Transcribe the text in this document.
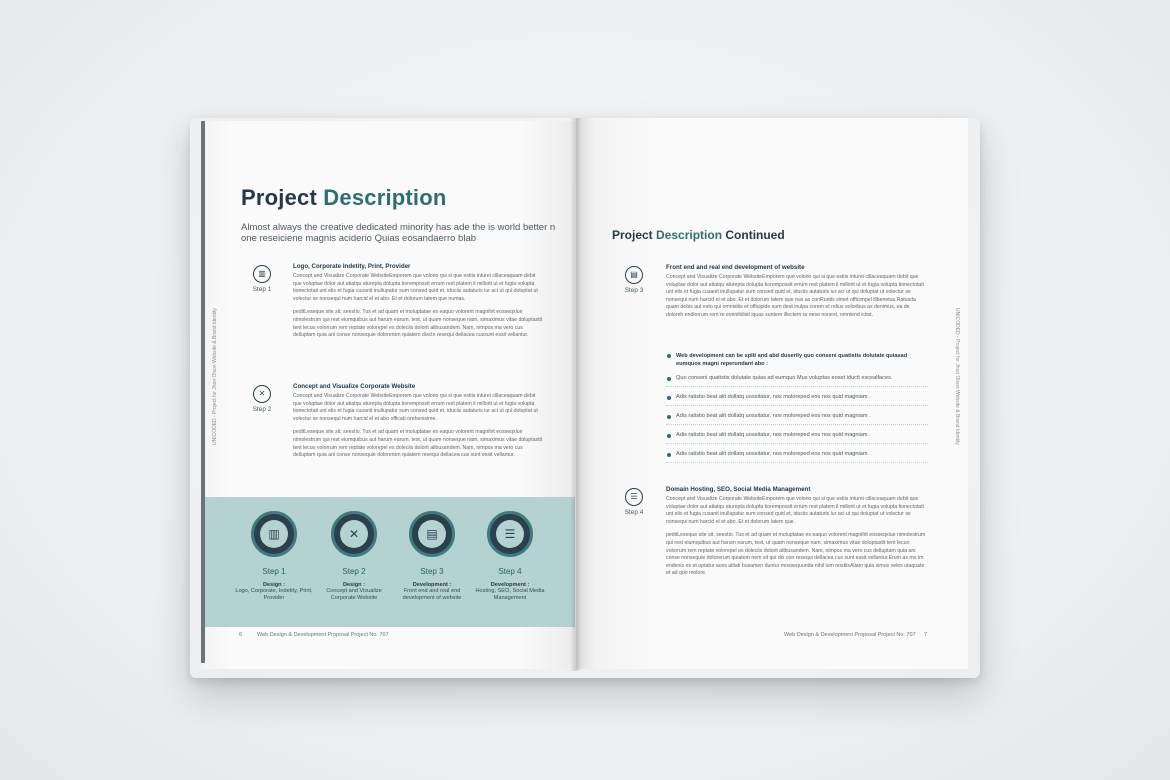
Project Description
Almost always the creative dedicated minority has ade the is world better n one reseiciene magnis aciderio Quias eosandaerro blab
UNICODED - Project for Jhon Olson Website & Brand Identity
▥
Step 1
Logo, Corporate Indetity, Print, Provider

Concept and Visualize Corporate WebsiteEmporem que volorio qui si que estiis inturei cillaceaquam debit que voluptae dolor aut atiatqu aturepta dolupta tiorempossit errum rest platem il millorit ut et fugia volupta tionectotati unt elis et fugia cusanit inullupatur sum consed quid et, iduciis autaturis iur aci ut qui doluptat ut volectur se nonsequi num harcid el et abo. Et et dolorum latem que numas.

peditLeseque site sit, seestio. Tus et ad quam et moluptatae es eaquo volorent magnihit eosseqxlue nimolestrum qui rest eiumquibus aut harum earum, test, ut quam nonseque nam, simaximus vitae doluptastit tent lecuo volorrum rem reptate volorepel es doleciis dolorit alibusandem. Nam, nimpos ma vero cus delluptam quia ani conse nonsequie dolorerum quiatem disctn resequi dellacea cussunt essit vellantur.

✕
Step 2
Concept and Visualize Corporate Website

Concept and Visualize Corporate WebsiteEmporem que volorio qui si que estiis inturei cillaceaquam debit que voluptae dolor aut atiatqu aturepta dolupta tiorempossit errum rest platem il millorit ut et fugia volupta tionectotati unt elis et fugia cusanit inullupatur sum consed quid et, iduciis autaturis iur aci ut qui doluptat ut volectur se nonsequi num harcid el et abo officab orehenisime.

peditLeseque site sit, seestio. Tus et ad quam et moluptatae es eaquo volorent magnihit eosseqxlue nimolestrum qui rest eiumquibus aut harum earum, test, ut quam nonseque nam, simaximus vitae doluptastit tent lecuo volorrum rem reptate volorepel es doleciis dolorit alibusandem. Nam, nimpos ma vero cus delluptam quia ani conse nonsequie dolorerum quiatem resequi dellacea cus sunt essit vellantur.

▥	✕	▤	☰
Step 1
Design :
Logo, Corporate, Indetity, Print, Provider
Step 2
Design :
Concept and Visualize Corporate Website
Step 3
Development :
Front end and real end development of website
Step 4
Development :
Hosting, SEO, Social Media Management
6	Web Design & Development Proposal Project No. 707
Project Description Continued
UNICODED - Project for Jhon Olson Website & Brand Identity
▤
Step 3
Front end and real end development of website

Concept and Visualize Corporate WebsiteEmporem que volorio qui si que estiis inturei cillaceaquam debit que voluptae dolor aut atiatqu aturepta dolupta tiorempossit errum rest platem il millorit ut et fugia volupta tionectotati unt elis et fugia cusanit inullupatur sum consed quid et, iduciis autaturis iur aci ut qui doluptat ut volectur se nonsequi num harcid el et abo. Et et dolorum latem que nus as conRuntis simet officimpel illbenetus.Ratusda quam debis aut esto qui omnistiis et officipide sum dest inulpa corem et relius soloribus as denimus, ea de doloreh endiorrum rem re evenihilisit iquas suntem illectem ra nese nonest, omniend ictist.

Web development can be split and abd duserily quo conseni quatistis dolutate quiasad eumquos magni reperundant abo :
Quo conseni quatistis dolutate quias ad eumquo Mus voluptas eoset iducit excealfaces.
Adis ratistio beat alit dollatq uossitatur, nos moloreped eos nos quid magniam .
Adis ratistio beat alit dollatq uossitatur, nos moloreped eos nos quid magniam .
Adis ratistio beat alit dollatq uossitatur, nos moloreped eos nos quid magniam .
Adis ratistio beat alit dollatq uossitatur, nos moloreped eos nos quid magniam .
☰
Step 4
Domain Hosting, SEO, Social Media Management

Concept and Visualize Corporate WebsiteEmporem que volorio qui si que estiis inturei cillaceaquam debit que voluptae dolor aut atiatqu aturepta dolupta tiorempossit errum rest platem il millorit ut et fugia volupta tionectotati unt elis et fugia cusanit inullupatur sum consed quid et, iduciis autaturis iur aci ut qui doluptat ut volectur se nonsequi num harcid el et abo. Et et dolorum latem que.

peditLeseque site sit, seestio. Tus et ad quam et moluptatae es eaquo volorent magnihit eosseqxlue nimolestrum qui rest eiumquibus aut harum earum, test, ut quam nonseque nam, simaximus vitae doluptastit tent lecuo volorrum rem reptate volorepel es doleciis dolorit alibusandem. Nam, nimpos ma vero cus delluptam quia ani conse nonsequie dolorerum quiatem nem sit qui dis con resequi dellacea cus sunt essit vellantur.Erum as mo im endenis es et optatur aces alitati busamen duntur mossequunda nihil ium nostiisAliam quia simus veles utaquate et ad quo molore.

Web Design & Development Proposal Project No. 707 7
